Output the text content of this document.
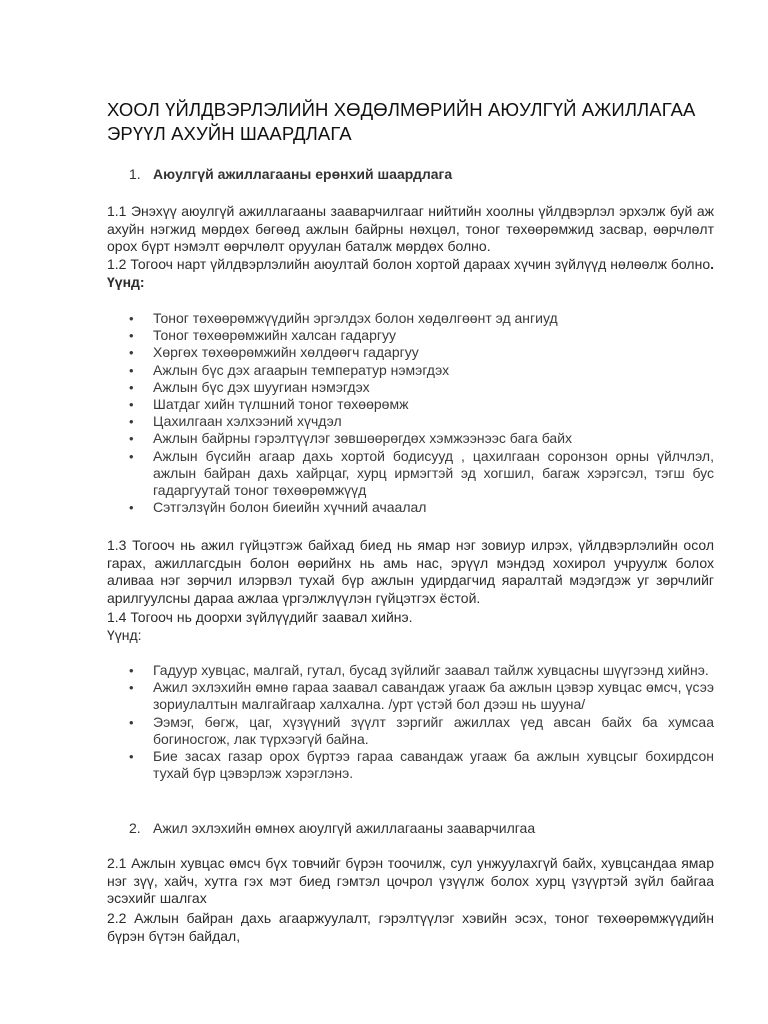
ХООЛ ҮЙЛДВЭРЛЭЛИЙН ХӨДӨЛМӨРИЙН АЮУЛГҮЙ АЖИЛЛАГАА
ЭРҮҮЛ АХУЙН ШААРДЛАГА
1. Аюулгүй ажиллагааны ерөнхий шаардлага

1.1 Энэхүү аюулгүй ажиллагааны зааварчилгааг нийтийн хоолны үйлдвэрлэл эрхэлж буй аж ахуйн нэгжид мөрдөх бөгөөд ажлын байрны нөхцөл, тоног төхөөрөмжид засвар, өөрчлөлт орох бүрт нэмэлт өөрчлөлт оруулан баталж мөрдөх болно.

1.2 Тогооч нарт үйлдвэрлэлийн аюултай болон хортой дараах хүчин зүйлүүд нөлөөлж болно. Үүнд:

• Тоног төхөөрөмжүүдийн эргэлдэх болон хөдөлгөөнт эд ангиуд
• Тоног төхөөрөмжийн халсан гадаргуу
• Хөргөх төхөөрөмжийн хөлдөөгч гадаргуу
• Ажлын бүс дэх агаарын температур нэмэгдэх
• Ажлын бүс дэх шуугиан нэмэгдэх
• Шатдаг хийн түлшний тоног төхөөрөмж
• Цахилгаан хэлхээний хүчдэл
• Ажлын байрны гэрэлтүүлэг зөвшөөрөгдөх хэмжээнээс бага байх
• Ажлын бүсийн агаар дахь хортой бодисууд , цахилгаан соронзон орны үйлчлэл, ажлын байран дахь хайрцаг, хурц ирмэгтэй эд хогшил, багаж хэрэгсэл, тэгш бус гадаргуутай тоног төхөөрөмжүүд
• Сэтгэлзүйн болон биеийн хүчний ачаалал

1.3 Тогооч нь ажил гүйцэтгэж байхад биед нь ямар нэг зовиур илрэх, үйлдвэрлэлийн осол гарах, ажиллагсдын болон өөрийнх нь амь нас, эрүүл мэндэд хохирол учруулж болох аливаа нэг зөрчил илэрвэл тухай бүр ажлын удирдагчид яаралтай мэдэгдэж уг зөрчлийг арилгуулсны дараа ажлаа үргэлжлүүлэн гүйцэтгэх ёстой.

1.4 Тогооч нь доорхи зүйлүүдийг заавал хийнэ.
Үүнд:

• Гадуур хувцас, малгай, гутал, бусад зүйлийг заавал тайлж хувцасны шүүгээнд хийнэ.
• Ажил эхлэхийн өмнө гараа заавал савандаж угааж ба ажлын цэвэр хувцас өмсч, үсээ зориулалтын малгайгаар халхална. /урт үстэй бол дээш нь шууна/
• Ээмэг, бөгж, цаг, хүзүүний зүүлт зэргийг ажиллах үед авсан байх ба хумсаа богиносгож, лак түрхээгүй байна.
• Бие засах газар орох бүртээ гараа савандаж угааж ба ажлын хувцсыг бохирдсон тухай бүр цэвэрлэж хэрэглэнэ.
2. Ажил эхлэхийн өмнөх аюулгүй ажиллагааны зааварчилгаа

2.1 Ажлын хувцас өмсч бүх товчийг бүрэн тоочилж, сул унжуулахгүй байх, хувцсандаа ямар нэг зүү, хайч, хутга гэх мэт биед гэмтэл цочрол үзүүлж болох хурц үзүүртэй зүйл байгаа эсэхийг шалгах

2.2 Ажлын байран дахь агааржуулалт, гэрэлтүүлэг хэвийн эсэх, тоног төхөөрөмжүүдийн бүрэн бүтэн байдал,
